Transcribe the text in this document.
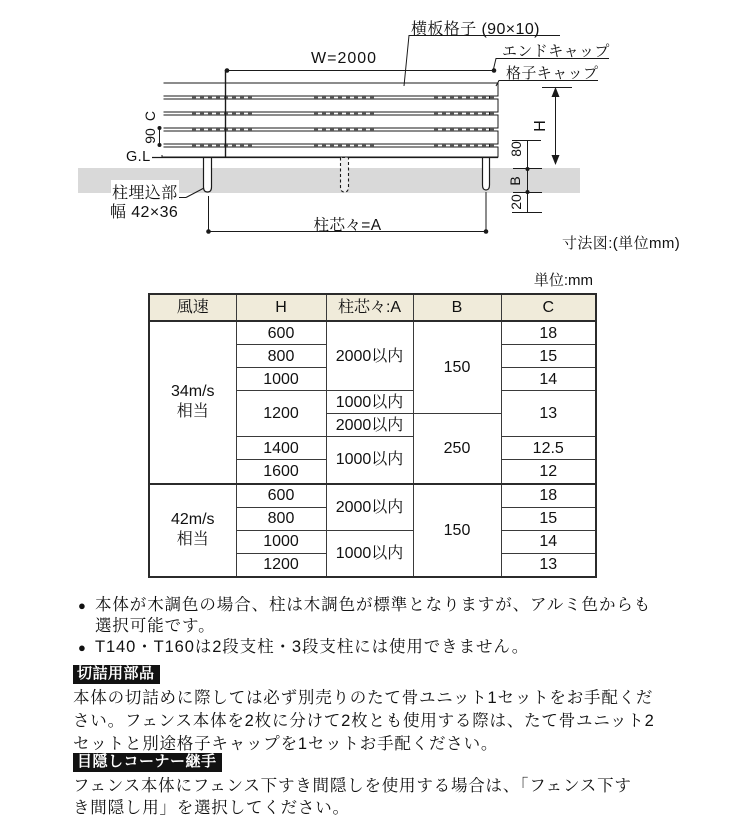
横板格子 (90×10)
エンドキャップ
格子キャップ
W=2000
C
90
G.L
柱埋込部
幅 42×36
柱芯々=A
H
80
B
20
寸法図:(単位mm)
単位:mm
風速	H	柱芯々:A	B	C

34m/s
相当	600	2000以内	150	18
	800			15
	1000			14
	1200	1000以内		13
		2000以内	250	
	1400	1000以内		12.5
	1600			12

42m/s
相当	600	2000以内	150	18
	800			15
	1000	1000以内		14
	1200			13
● 本体が木調色の場合、柱は木調色が標準となりますが、アルミ色からも
選択可能です。
● T140・T160は2段支柱・3段支柱には使用できません。
切詰用部品
本体の切詰めに際しては必ず別売りのたて骨ユニット1セットをお手配くだ
さい。フェンス本体を2枚に分けて2枚とも使用する際は、たて骨ユニット2
セットと別途格子キャップを1セットお手配ください。
目隠しコーナー継手
フェンス本体にフェンス下すき間隠しを使用する場合は、「フェンス下す
き間隠し用」を選択してください。
